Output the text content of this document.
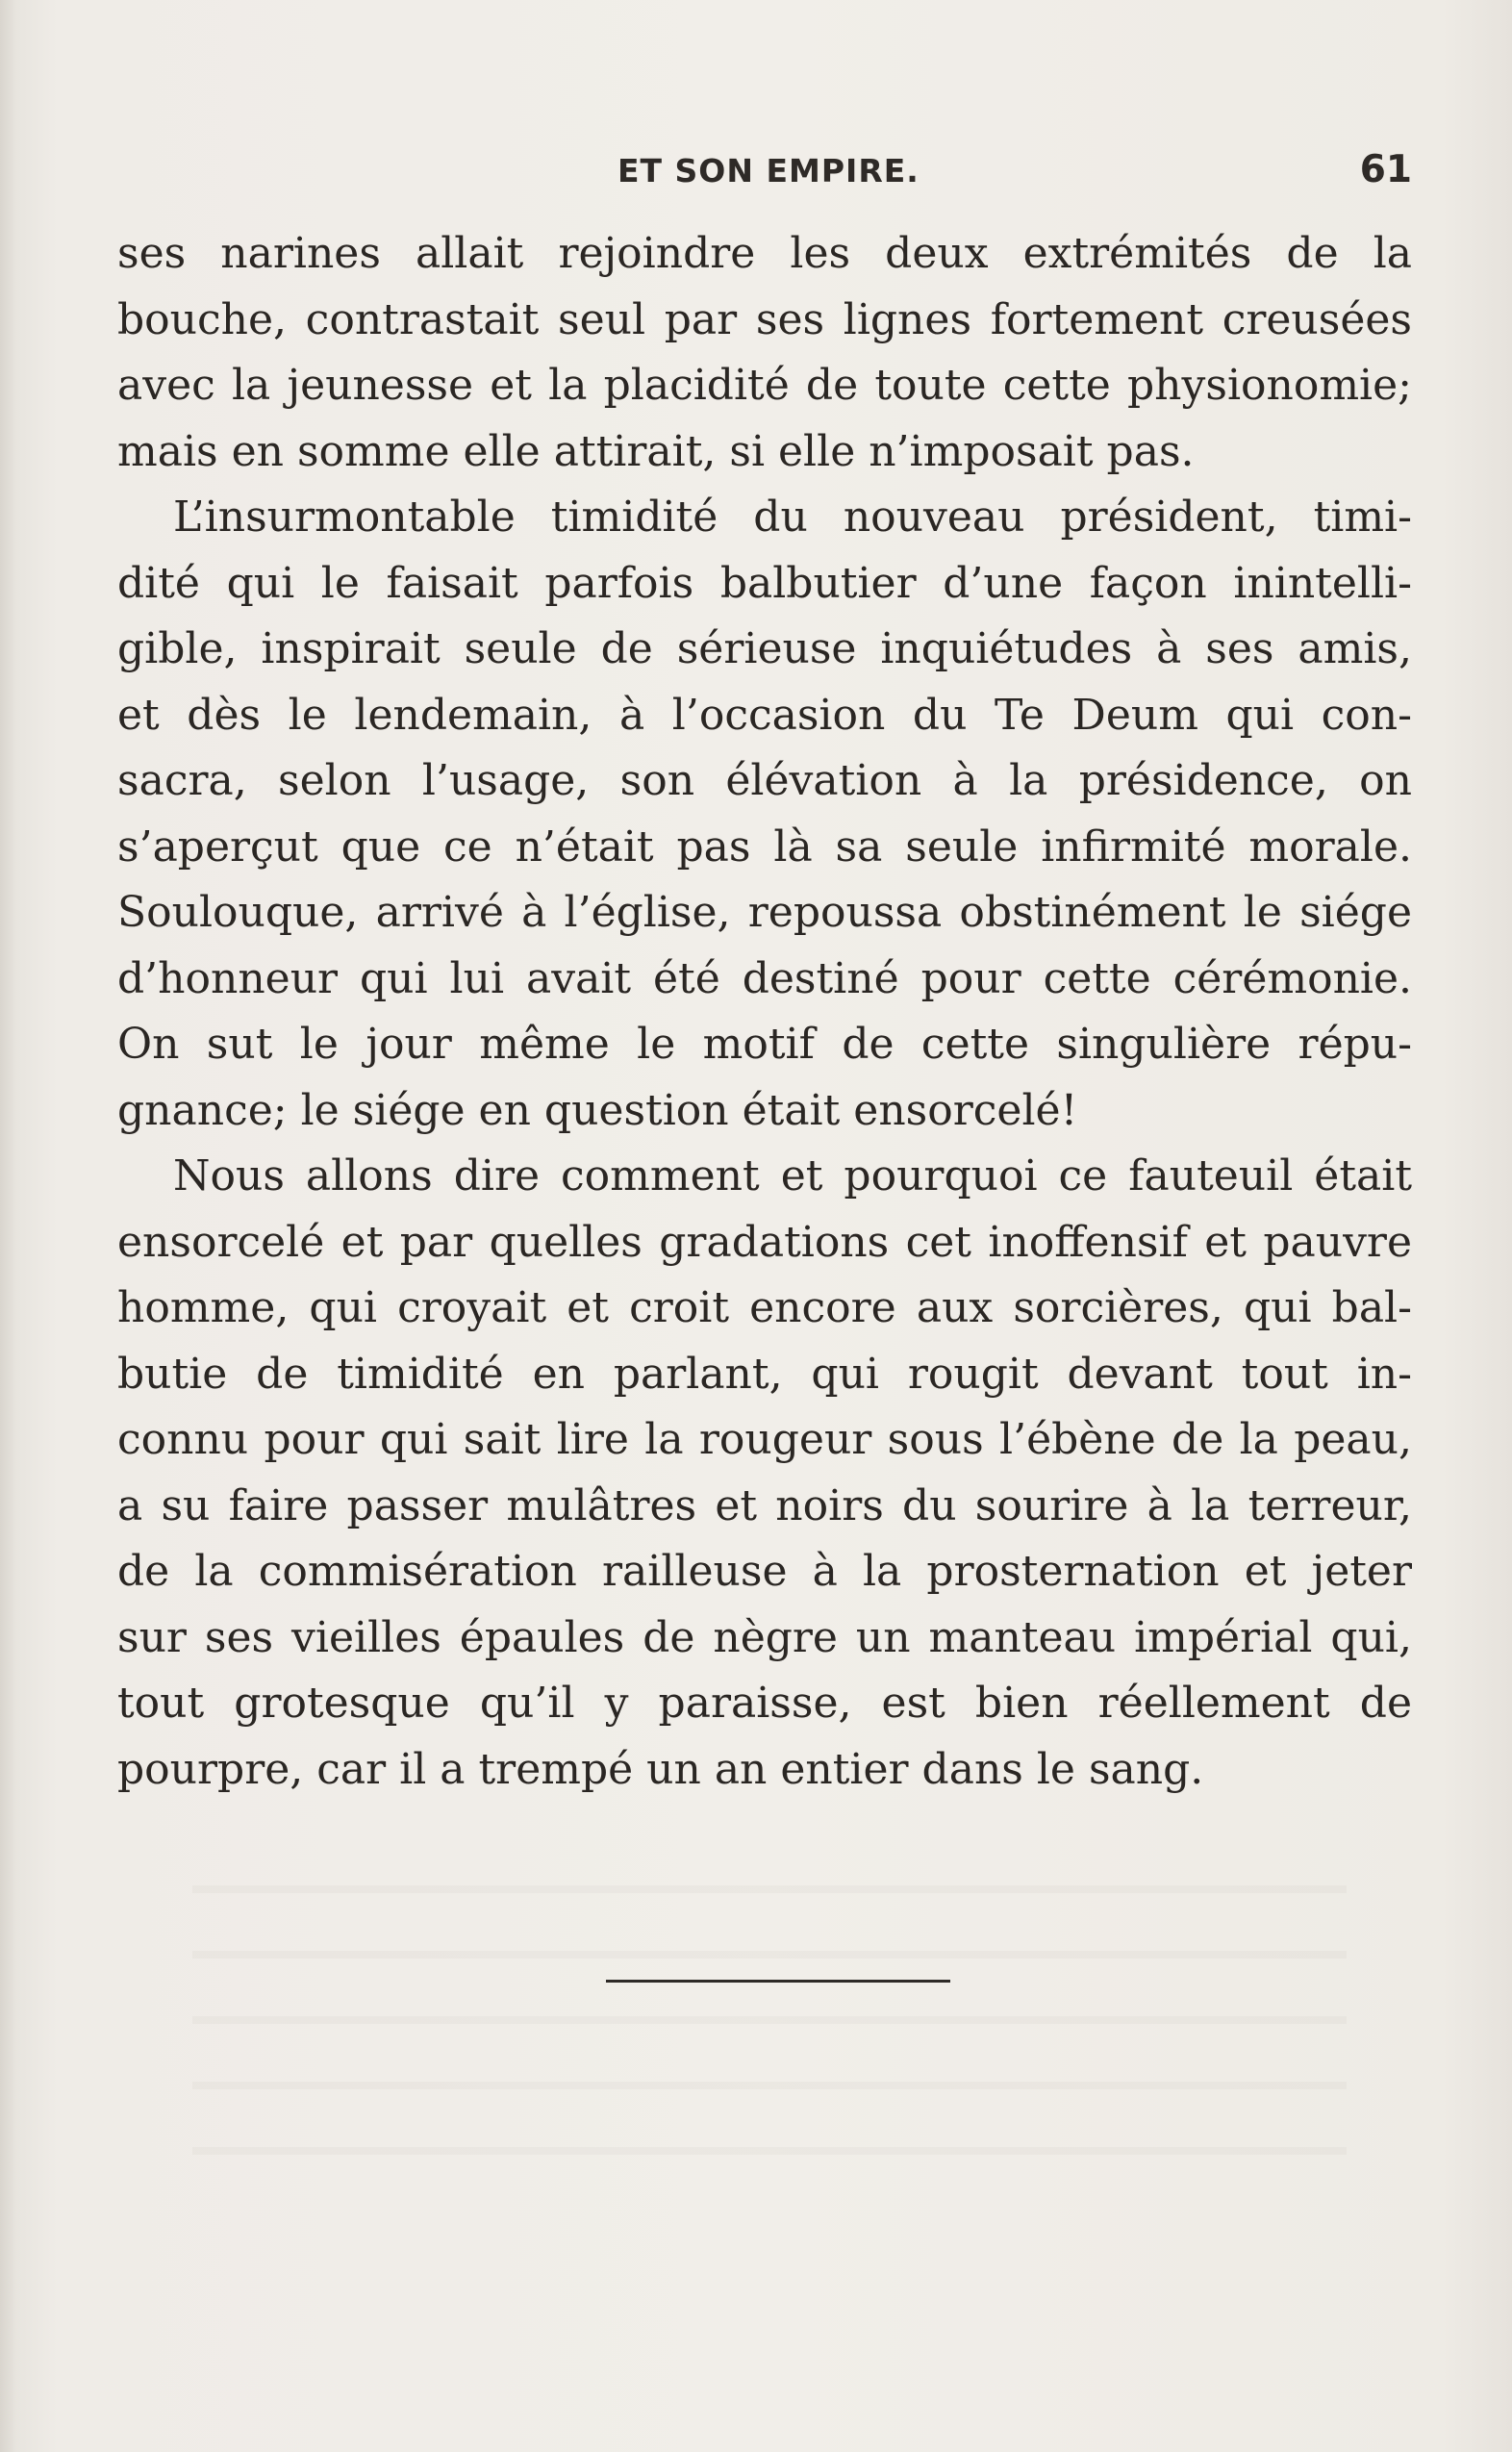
ET SON EMPIRE.	61
ses narines allait rejoindre les deux extrémités de la
bouche, contrastait seul par ses lignes fortement creusées
avec la jeunesse et la placidité de toute cette physionomie;
mais en somme elle attirait, si elle n’imposait pas.
L’insurmontable timidité du nouveau président, timi-
dité qui le faisait parfois balbutier d’une façon inintelli-
gible, inspirait seule de sérieuse inquiétudes à ses amis,
et dès le lendemain, à l’occasion du Te Deum qui con-
sacra, selon l’usage, son élévation à la présidence, on
s’aperçut que ce n’était pas là sa seule infirmité morale.
Soulouque, arrivé à l’église, repoussa obstinément le siége
d’honneur qui lui avait été destiné pour cette cérémonie.
On sut le jour même le motif de cette singulière répu-
gnance; le siége en question était ensorcelé!
Nous allons dire comment et pourquoi ce fauteuil était
ensorcelé et par quelles gradations cet inoffensif et pauvre
homme, qui croyait et croit encore aux sorcières, qui bal-
butie de timidité en parlant, qui rougit devant tout in-
connu pour qui sait lire la rougeur sous l’ébène de la peau,
a su faire passer mulâtres et noirs du sourire à la terreur,
de la commisération railleuse à la prosternation et jeter
sur ses vieilles épaules de nègre un manteau impérial qui,
tout grotesque qu’il y paraisse, est bien réellement de
pourpre, car il a trempé un an entier dans le sang.
